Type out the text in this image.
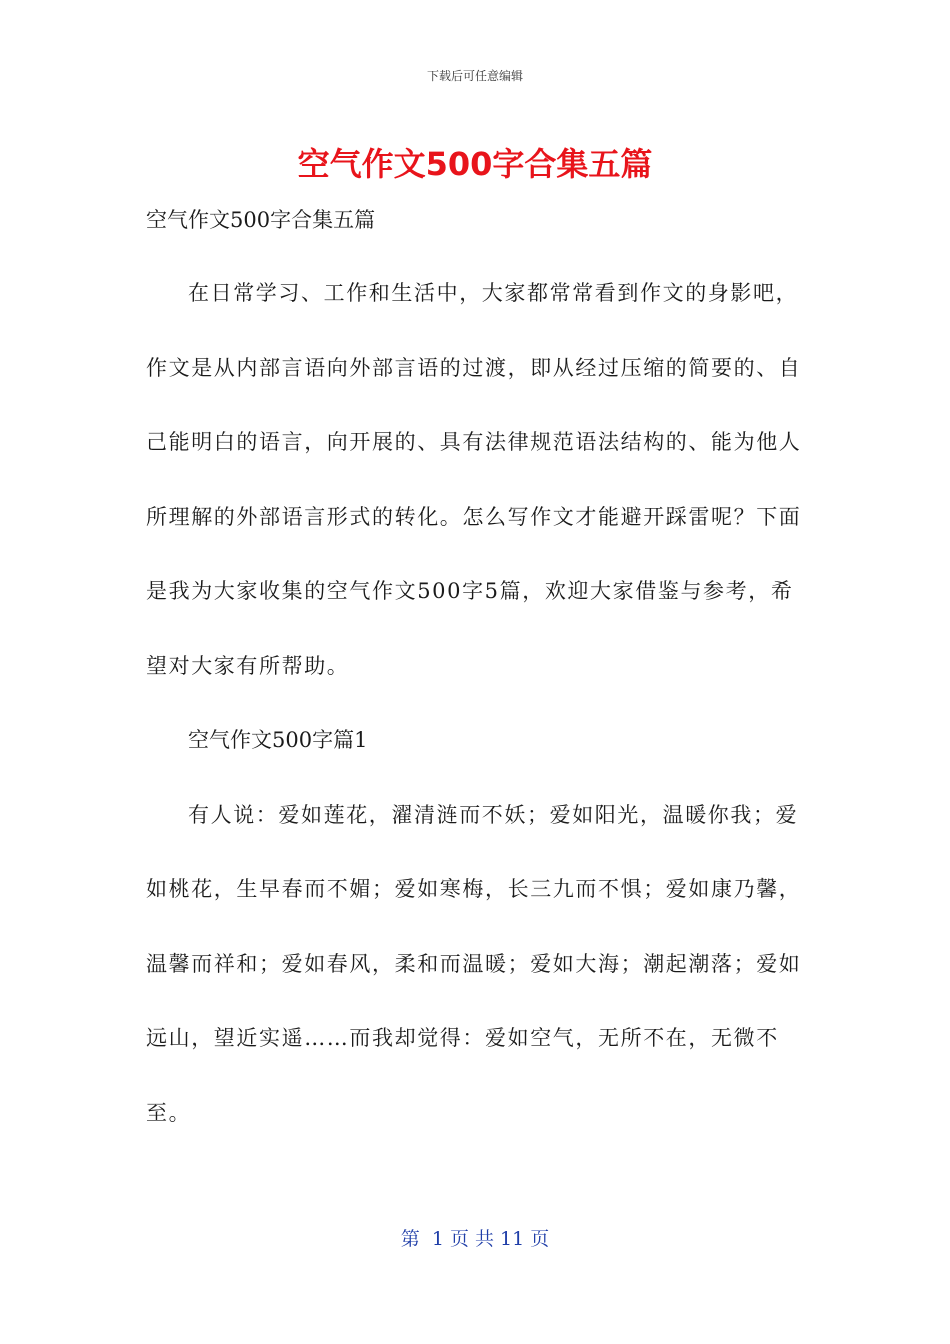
下载后可任意编辑
空气作文500字合集五篇

空气作文500字合集五篇

在日常学习、工作和生活中，大家都常常看到作文的身影吧，作文是从内部言语向外部言语的过渡，即从经过压缩的简要的、自己能明白的语言，向开展的、具有法律规范语法结构的、能为他人所理解的外部语言形式的转化。怎么写作文才能避开踩雷呢？下面是我为大家收集的空气作文500字5篇，欢迎大家借鉴与参考，希望对大家有所帮助。

空气作文500字篇1

有人说：爱如莲花，濯清涟而不妖；爱如阳光，温暖你我；爱如桃花，生早春而不媚；爱如寒梅，长三九而不惧；爱如康乃馨，温馨而祥和；爱如春风，柔和而温暖；爱如大海；潮起潮落；爱如远山，望近实遥……而我却觉得：爱如空气，无所不在，无微不至。

第  1 页 共 11 页
